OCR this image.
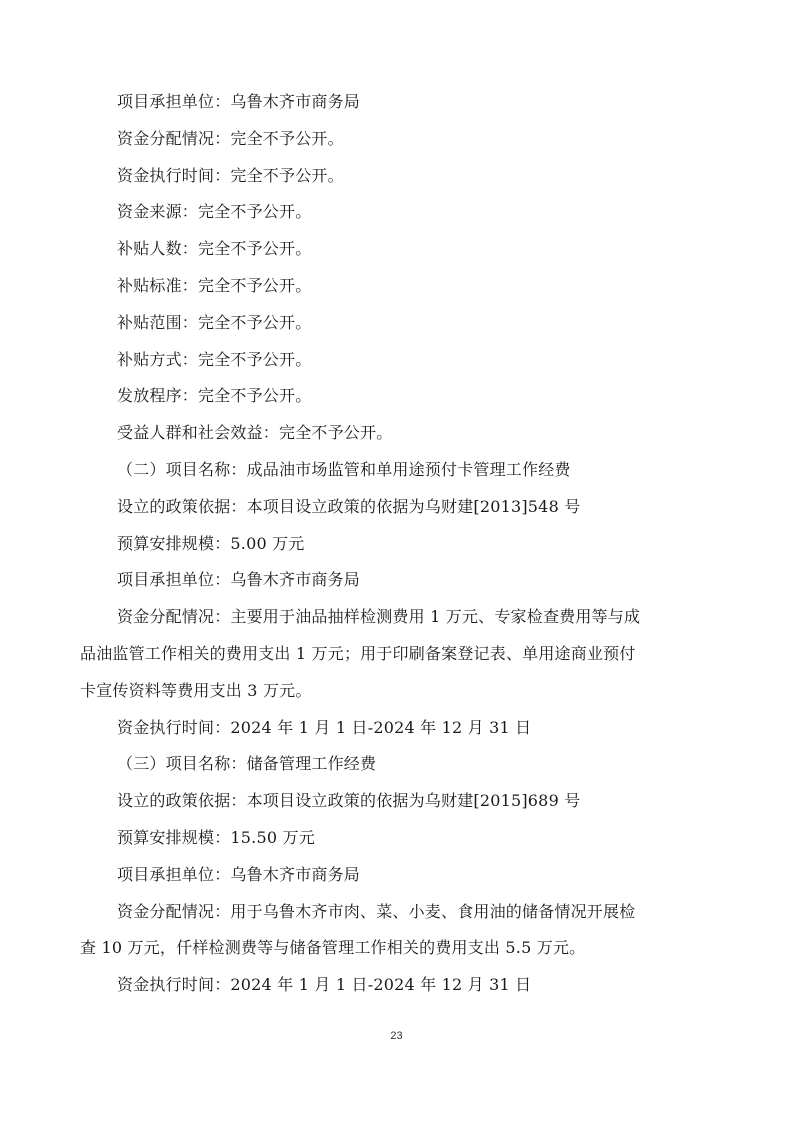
项目承担单位：乌鲁木齐市商务局
资金分配情况：完全不予公开。
资金执行时间：完全不予公开。
资金来源：完全不予公开。
补贴人数：完全不予公开。
补贴标准：完全不予公开。
补贴范围：完全不予公开。
补贴方式：完全不予公开。
发放程序：完全不予公开。
受益人群和社会效益：完全不予公开。
（二）项目名称：成品油市场监管和单用途预付卡管理工作经费
设立的政策依据：本项目设立政策的依据为乌财建[2013]548 号
预算安排规模：5.00 万元
项目承担单位：乌鲁木齐市商务局
资金分配情况：主要用于油品抽样检测费用 1 万元、专家检查费用等与成
品油监管工作相关的费用支出 1 万元；用于印刷备案登记表、单用途商业预付
卡宣传资料等费用支出 3 万元。
资金执行时间：2024 年 1 月 1 日-2024 年 12 月 31 日
（三）项目名称：储备管理工作经费
设立的政策依据：本项目设立政策的依据为乌财建[2015]689 号
预算安排规模：15.50 万元
项目承担单位：乌鲁木齐市商务局
资金分配情况：用于乌鲁木齐市肉、菜、小麦、食用油的储备情况开展检
查 10 万元，仟样检测费等与储备管理工作相关的费用支出 5.5 万元。
资金执行时间：2024 年 1 月 1 日-2024 年 12 月 31 日
23
